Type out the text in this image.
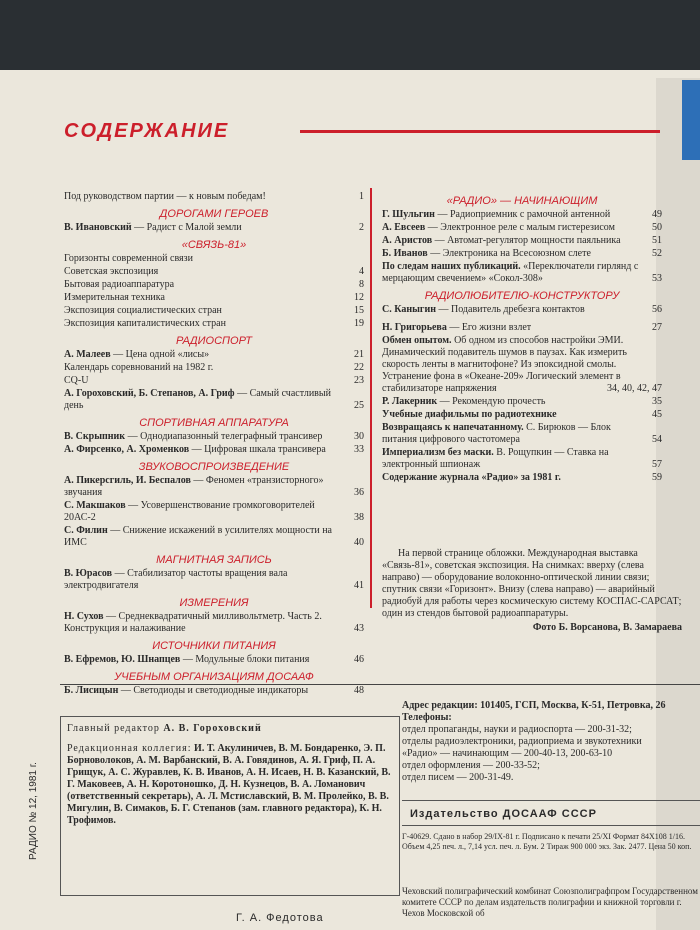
СОДЕРЖАНИЕ
Под руководством партии — к новым победам!	1
ДОРОГАМИ ГЕРОЕВ
В. Ивановский — Радист с Малой земли	2
«СВЯЗЬ-81»
Горизонты современной связи
Советская экспозиция	4
Бытовая радиоаппаратура	8
Измерительная техника	12
Экспозиция социалистических стран	15
Экспозиция капиталистических стран	19
РАДИОСПОРТ
А. Малеев — Цена одной «лисы»	21
Календарь соревнований на 1982 г.	22
CQ-U	23
А. Гороховский, Б. Степанов, А. Гриф — Самый счастливый день	25
СПОРТИВНАЯ АППАРАТУРА
В. Скрыпник — Однодиапазонный телеграфный трансивер	30
А. Фирсенко, А. Хроменков — Цифровая шкала трансивера	33
ЗВУКОВОСПРОИЗВЕДЕНИЕ
А. Пикерсгиль, И. Беспалов — Феномен «транзисторного» звучания	36
С. Макшаков — Усовершенствование громкоговорителей 20АС-2	38
С. Филин — Снижение искажений в усилителях мощности на ИМС	40
МАГНИТНАЯ ЗАПИСЬ
В. Юрасов — Стабилизатор частоты вращения вала электродвигателя	41
ИЗМЕРЕНИЯ
Н. Сухов — Среднеквадратичный милливольтметр. Часть 2. Конструкция и налаживание	43
ИСТОЧНИКИ ПИТАНИЯ
В. Ефремов, Ю. Шнапцев — Модульные блоки питания	46
УЧЕБНЫМ ОРГАНИЗАЦИЯМ ДОСААФ
Б. Лисицын — Светодиоды и светодиодные индикаторы	48
«РАДИО» — НАЧИНАЮЩИМ
Г. Шульгин — Радиоприемник с рамочной антенной	49
А. Евсеев — Электронное реле с малым гистерезисом	50
А. Аристов — Автомат-регулятор мощности паяльника	51
Б. Иванов — Электроника на Всесоюзном слете	52
По следам наших публикаций. «Переключатели гирлянд с мерцающим свечением» «Сокол-308»	53
РАДИОЛЮБИТЕЛЮ-КОНСТРУКТОРУ
С. Каныгин — Подавитель дребезга контактов	56
Н. Григорьева — Его жизни взлет	27
Обмен опытом. Об одном из способов настройки ЭМИ. Динамический подавитель шумов в паузах. Как измерить скорость ленты в магнитофоне? Из эпоксидной смолы. Устранение фона в «Океане-209» Логический элемент в стабилизаторе напряжения	34, 40, 42, 47
Р. Лакерник — Рекомендую прочесть	35
Учебные диафильмы по радиотехнике	45
Возвращаясь к напечатанному. С. Бирюков — Блок питания цифрового частотомера	54
Империализм без маски. В. Рощупкин — Ставка на электронный шпионаж	57
Содержание журнала «Радио» за 1981 г.	59
На первой странице обложки. Международная выставка «Связь-81», советская экспозиция. На снимках: вверху (слева направо) — оборудование волоконно-оптической линии связи; спутник связи «Горизонт». Внизу (слева направо) — аварийный радиобуй для работы через космическую систему КОСПАС-САРСАТ; один из стендов бытовой радиоаппаратуры.
Фото Б. Ворсанова, В. Замараева
Главный редактор А. В. Гороховский
Редакционная коллегия: И. Т. Акулиничев, В. М. Бондаренко, Э. П. Борноволоков, А. М. Варбанский, В. А. Говядинов, А. Я. Гриф, П. А. Грищук, А. С. Журавлев, К. В. Иванов, А. Н. Исаев, Н. В. Казанский, В. Г. Маковеев, А. Н. Коротоношко, Д. Н. Кузнецов, В. А. Ломанович (ответственный секретарь), А. Л. Мстиславский, В. М. Пролейко, В. В. Мигулин, В. Симаков, Б. Г. Степанов (зам. главного редактора), К. Н. Трофимов.
Адрес редакции: 101405, ГСП, Москва, К-51, Петровка, 26
Телефоны:
отдел пропаганды, науки и радиоспорта — 200-31-32;
отделы радиоэлектроники, радиоприема и звукотехники
«Радио» — начинающим — 200-40-13, 200-63-10
отдел оформления — 200-33-52;
отдел писем — 200-31-49.
Издательство ДОСААФ СССР
Г-40629. Сдано в набор 29/IX-81 г. Подписано к печати 25/XI Формат 84X108 1/16. Объем 4,25 печ. л., 7,14 усл. печ. л. Бум. 2 Тираж 900 000 экз. Зак. 2477. Цена 50 коп.
Чеховский полиграфический комбинат Союзполиграфпром Государственном комитете СССР по делам издательств полиграфии и книжной торговли г. Чехов Московской об
РАДИО № 12, 1981 г.
Г. А. Федотова
